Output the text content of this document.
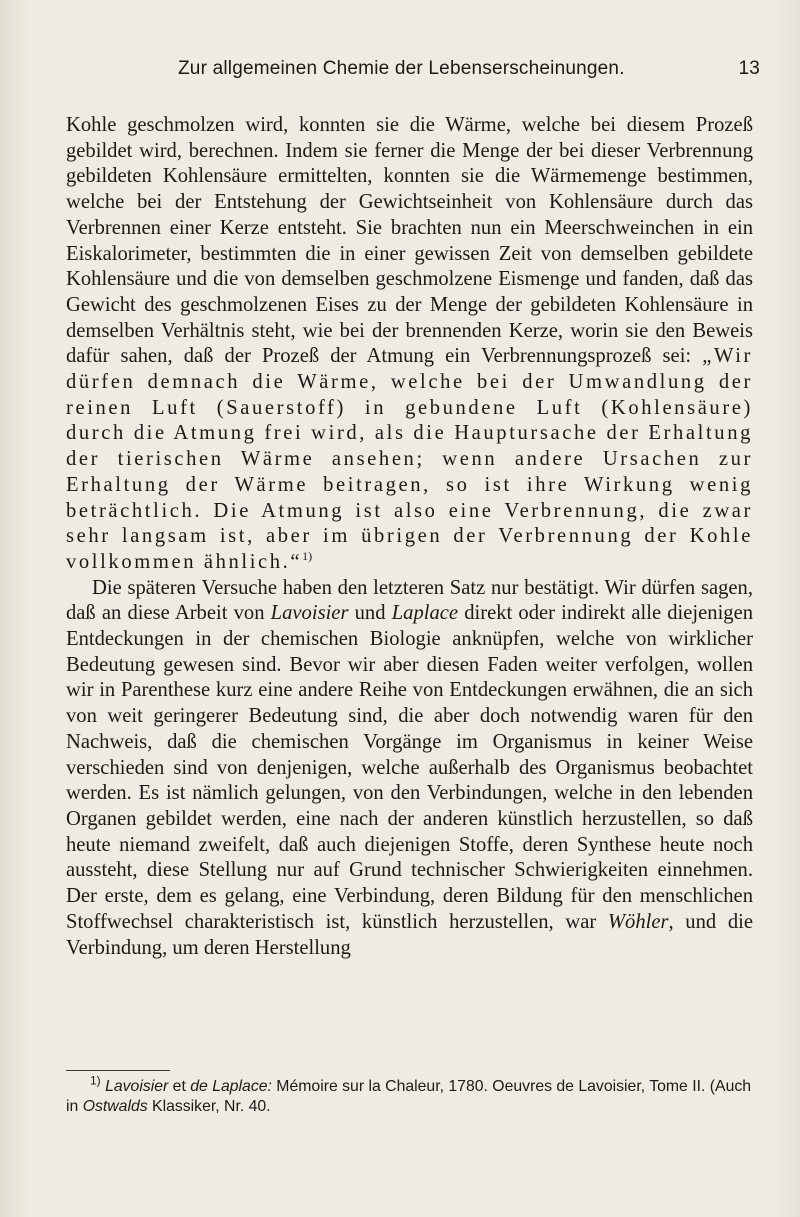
Zur allgemeinen Chemie der Lebenserscheinungen.	13

Kohle geschmolzen wird, konnten sie die Wärme, welche bei diesem Prozeß gebildet wird, berechnen. Indem sie ferner die Menge der bei dieser Verbrennung gebildeten Kohlensäure ermittelten, konnten sie die Wärmemenge bestimmen, welche bei der Entstehung der Gewichtseinheit von Kohlensäure durch das Verbrennen einer Kerze entsteht. Sie brachten nun ein Meerschweinchen in ein Eiskalorimeter, bestimmten die in einer gewissen Zeit von demselben gebildete Kohlensäure und die von demselben geschmolzene Eismenge und fanden, daß das Gewicht des geschmolzenen Eises zu der Menge der gebildeten Kohlensäure in demselben Verhältnis steht, wie bei der brennenden Kerze, worin sie den Beweis dafür sahen, daß der Prozeß der Atmung ein Verbrennungsprozeß sei: „Wir dürfen demnach die Wärme, welche bei der Umwandlung der reinen Luft (Sauerstoff) in gebundene Luft (Kohlensäure) durch die Atmung frei wird, als die Hauptursache der Erhaltung der tierischen Wärme ansehen; wenn andere Ursachen zur Erhaltung der Wärme beitragen, so ist ihre Wirkung wenig beträchtlich. Die Atmung ist also eine Verbrennung, die zwar sehr langsam ist, aber im übrigen der Verbrennung der Kohle vollkommen ähnlich.“$^{1)}$

Die späteren Versuche haben den letzteren Satz nur bestätigt. Wir dürfen sagen, daß an diese Arbeit von Lavoisier und Laplace direkt oder indirekt alle diejenigen Entdeckungen in der chemischen Biologie anknüpfen, welche von wirklicher Bedeutung gewesen sind. Bevor wir aber diesen Faden weiter verfolgen, wollen wir in Parenthese kurz eine andere Reihe von Entdeckungen erwähnen, die an sich von weit geringerer Bedeutung sind, die aber doch notwendig waren für den Nachweis, daß die chemischen Vorgänge im Organismus in keiner Weise verschieden sind von denjenigen, welche außerhalb des Organismus beobachtet werden. Es ist nämlich gelungen, von den Verbindungen, welche in den lebenden Organen gebildet werden, eine nach der anderen künstlich herzustellen, so daß heute niemand zweifelt, daß auch diejenigen Stoffe, deren Synthese heute noch aussteht, diese Stellung nur auf Grund technischer Schwierigkeiten einnehmen. Der erste, dem es gelang, eine Verbindung, deren Bildung für den menschlichen Stoffwechsel charakteristisch ist, künstlich herzustellen, war Wöhler, und die Verbindung, um deren Herstellung

$^{1)}$ Lavoisier et de Laplace: Mémoire sur la Chaleur, 1780. Oeuvres de Lavoisier, Tome II. (Auch in Ostwalds Klassiker, Nr. 40.
